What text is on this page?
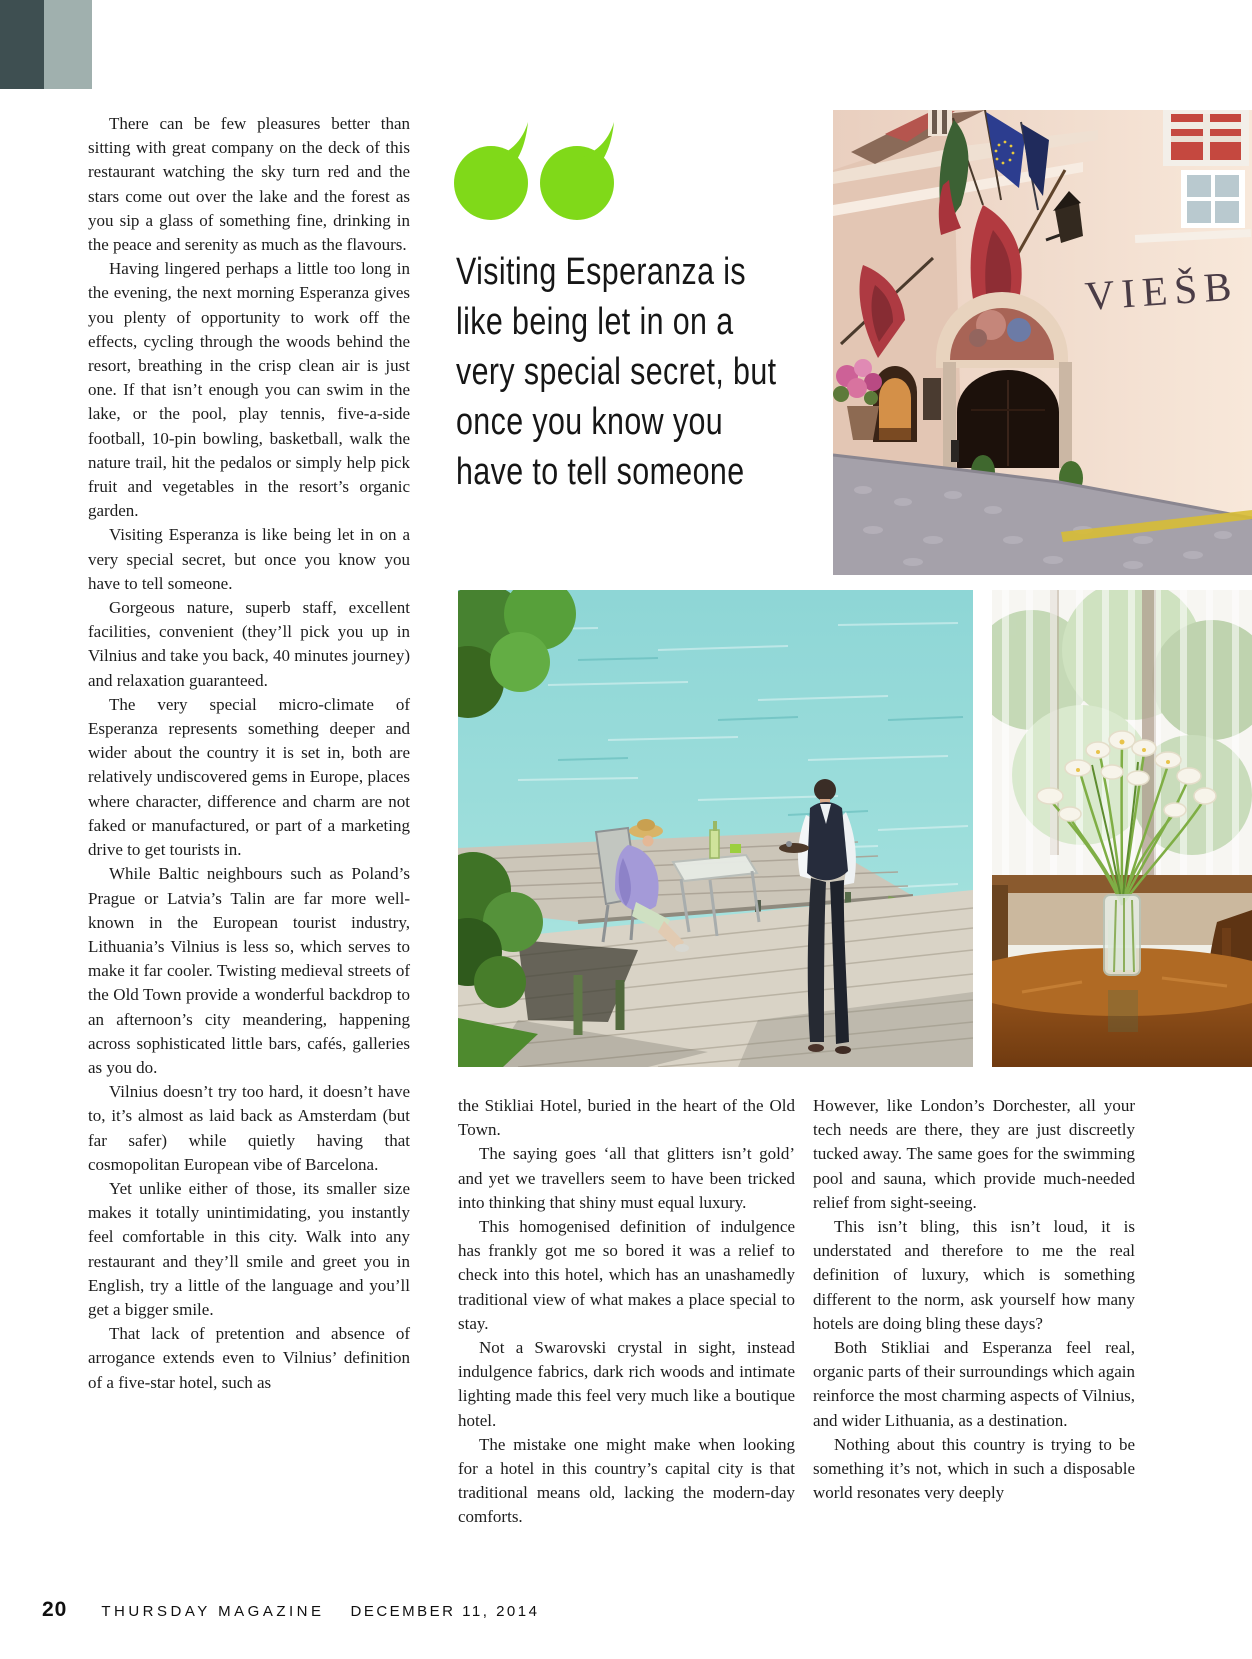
There can be few pleasures better than sitting with great company on the deck of this restaurant watching the sky turn red and the stars come out over the lake and the forest as you sip a glass of something fine, drinking in the peace and serenity as much as the flavours.

Having lingered perhaps a little too long in the evening, the next morning Esperanza gives you plenty of opportunity to work off the effects, cycling through the woods behind the resort, breathing in the crisp clean air is just one. If that isn’t enough you can swim in the lake, or the pool, play tennis, five-a-side football, 10-pin bowling, basketball, walk the nature trail, hit the pedalos or simply help pick fruit and vegetables in the resort’s organic garden.

Visiting Esperanza is like being let in on a very special secret, but once you know you have to tell someone.

Gorgeous nature, superb staff, excellent facilities, convenient (they’ll pick you up in Vilnius and take you back, 40 minutes journey) and relaxation guaranteed.

The very special micro-climate of Esperanza represents something deeper and wider about the country it is set in, both are relatively undiscovered gems in Europe, places where character, difference and charm are not faked or manufactured, or part of a marketing drive to get tourists in.

While Baltic neighbours such as Poland’s Prague or Latvia’s Talin are far more well-known in the European tourist industry, Lithuania’s Vilnius is less so, which serves to make it far cooler. Twisting medieval streets of the Old Town provide a wonderful backdrop to an afternoon’s city meandering, happening across sophisticated little bars, cafés, galleries as you do.

Vilnius doesn’t try too hard, it doesn’t have to, it’s almost as laid back as Amsterdam (but far safer) while quietly having that cosmopolitan European vibe of Barcelona.

Yet unlike either of those, its smaller size makes it totally unintimidating, you instantly feel comfortable in this city. Walk into any restaurant and they’ll smile and greet you in English, try a little of the language and you’ll get a bigger smile.

That lack of pretention and absence of arrogance extends even to Vilnius’ definition of a five-star hotel, such as

Visiting Esperanza is
like being let in on a
very special secret, but
once you know you
have to tell someone
VIEŠB

the Stikliai Hotel, buried in the heart of the Old Town.

The saying goes ‘all that glitters isn’t gold’ and yet we travellers seem to have been tricked into thinking that shiny must equal luxury.

This homogenised definition of indulgence has frankly got me so bored it was a relief to check into this hotel, which has an unashamedly traditional view of what makes a place special to stay.

Not a Swarovski crystal in sight, instead indulgence fabrics, dark rich woods and intimate lighting made this feel very much like a boutique hotel.

The mistake one might make when looking for a hotel in this country’s capital city is that traditional means old, lacking the modern-day comforts.

However, like London’s Dorchester, all your tech needs are there, they are just discreetly tucked away. The same goes for the swimming pool and sauna, which provide much-needed relief from sight-seeing.

This isn’t bling, this isn’t loud, it is understated and therefore to me the real definition of luxury, which is something different to the norm, ask yourself how many hotels are doing bling these days?

Both Stikliai and Esperanza feel real, organic parts of their surroundings which again reinforce the most charming aspects of Vilnius, and wider Lithuania, as a destination.

Nothing about this country is trying to be something it’s not, which in such a disposable world resonates very deeply

20 THURSDAY MAGAZINE DECEMBER 11, 2014
